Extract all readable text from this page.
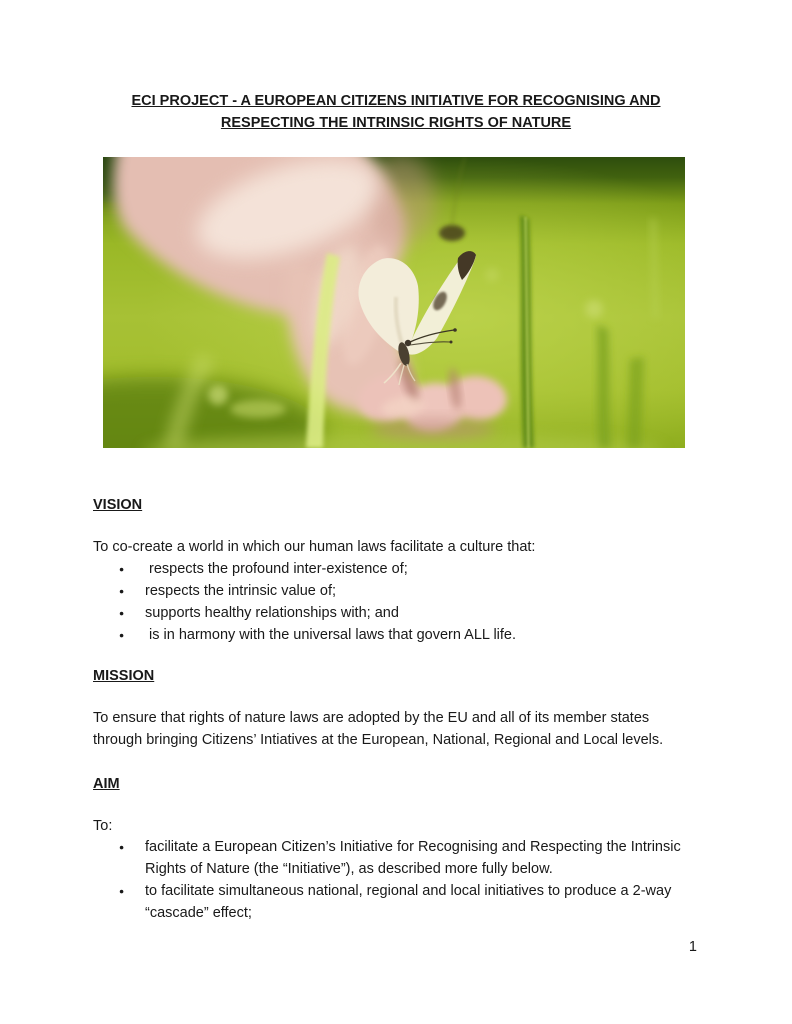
ECI PROJECT - A EUROPEAN CITIZENS INITIATIVE FOR RECOGNISING AND RESPECTING THE INTRINSIC RIGHTS OF NATURE
VISION
To co-create a world in which our human laws facilitate a culture that:
●  respects the profound inter-existence of;
● respects the intrinsic value of;
● supports healthy relationships with; and
●  is in harmony with the universal laws that govern ALL life.
MISSION
To ensure that rights of nature laws are adopted by the EU and all of its member states through bringing Citizens’ Intiatives at the European, National, Regional and Local levels.
AIM
To:
● facilitate a European Citizen’s Initiative for Recognising and Respecting the Intrinsic Rights of Nature (the “Initiative”), as described more fully below.
● to facilitate simultaneous national, regional and local initiatives to produce a 2-way “cascade” effect;
1
